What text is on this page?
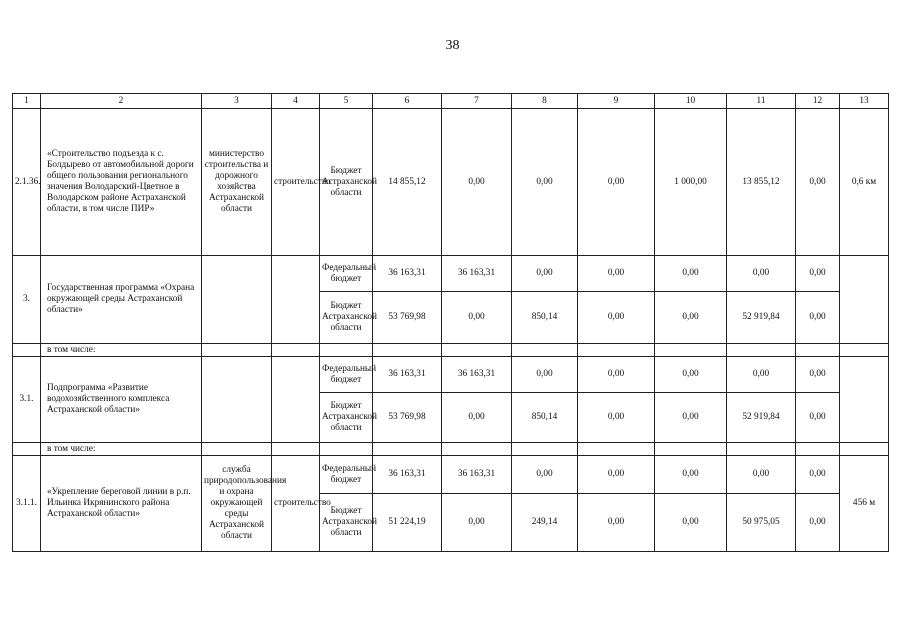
38
1	2	3	4	5	6	7	8	9	10	11	12	13
2.1.36.	«Строительство подъезда к с. Болдырево от автомобильной дороги общего пользования регионального значения Володарский-Цветное в Володарском районе Астраханской области, в том числе ПИР»	министерство строительства и дорожного хозяйства Астраханской области	строительство	Бюджет Астраханской области	14 855,12	0,00	0,00	0,00	1 000,00	13 855,12	0,00	0,6 км
3.	Государственная программа «Охрана окружающей среды Астраханской области»			Федеральный бюджет	36 163,31	36 163,31	0,00	0,00	0,00	0,00	0,00	
				Бюджет Астраханской области	53 769,98	0,00	850,14	0,00	0,00	52 919,84	0,00	
	в том числе:											
3.1.	Подпрограмма «Развитие водохозяйственного комплекса Астраханской области»			Федеральный бюджет	36 163,31	36 163,31	0,00	0,00	0,00	0,00	0,00	
				Бюджет Астраханской области	53 769,98	0,00	850,14	0,00	0,00	52 919,84	0,00	
	в том числе:											
3.1.1.	«Укрепление береговой линии в р.п. Ильинка Икрянинского района Астраханской области»	служба природопользования и охрана окружающей среды Астраханской области	строительство	Федеральный бюджет	36 163,31	36 163,31	0,00	0,00	0,00	0,00	0,00	456 м
				Бюджет Астраханской области	51 224,19	0,00	249,14	0,00	0,00	50 975,05	0,00	
